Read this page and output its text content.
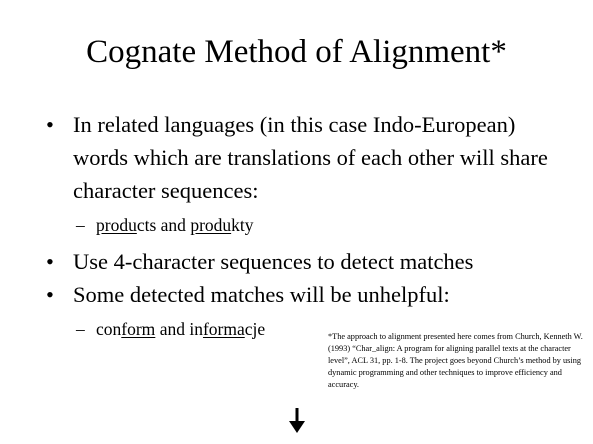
Cognate Method of Alignment*
• In related languages (in this case Indo-European) words which are translations of each other will share character sequences:
– products and produkty
• Use 4-character sequences to detect matches
• Some detected matches will be unhelpful:
– conform and informacje	*The approach to alignment presented here comes from Church, Kenneth W. (1993) “Char_align: A program for aligning parallel texts at the character level”, ACL 31, pp. 1-8. The project goes beyond Church’s method by using dynamic programming and other techniques to improve efficiency and accuracy.
